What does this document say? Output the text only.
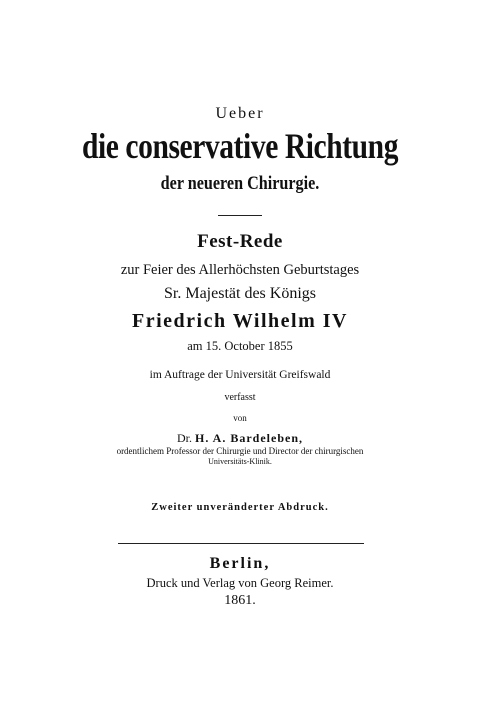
Ueber
die conservative Richtung
der neueren Chirurgie.
Fest-Rede
zur Feier des Allerhöchsten Geburtstages
Sr. Majestät des Königs
Friedrich Wilhelm IV
am 15. October 1855
im Auftrage der Universität Greifswald
verfasst
von
Dr. H. A. Bardeleben,
ordentlichem Professor der Chirurgie und Director der chirurgischen
Universitäts-Klinik.
Zweiter unveränderter Abdruck.
Berlin,
Druck und Verlag von Georg Reimer.
1861.
